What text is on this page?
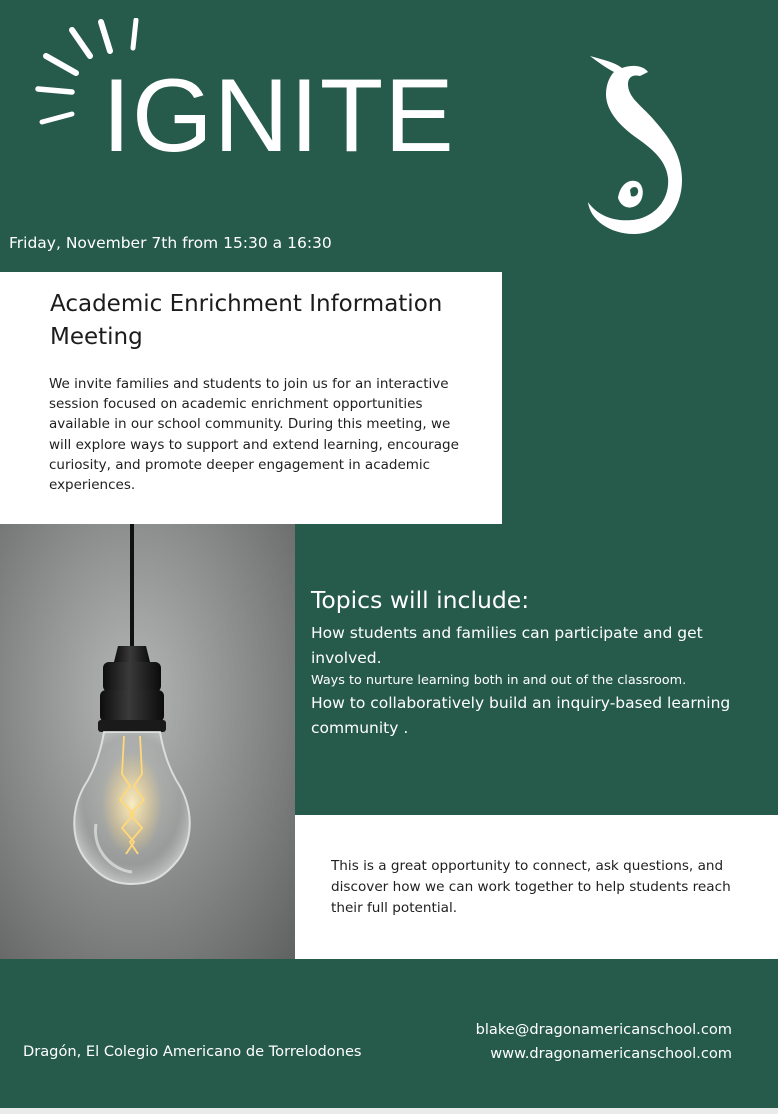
IGNITE
Friday, November 7th from 15:30 a 16:30
Academic Enrichment Information Meeting

We invite families and students to join us for an interactive session focused on academic enrichment opportunities available in our school community. During this meeting, we will explore ways to support and extend learning, encourage curiosity, and promote deeper engagement in academic experiences.

Topics will include:
How students and families can participate and get involved.
Ways to nurture learning both in and out of the classroom.
How to collaboratively build an inquiry-based learning community .

This is a great opportunity to connect, ask questions, and discover how we can work together to help students reach their full potential.

Dragón, El Colegio Americano de Torrelodones
blake@dragonamericanschool.com
www.dragonamericanschool.com
